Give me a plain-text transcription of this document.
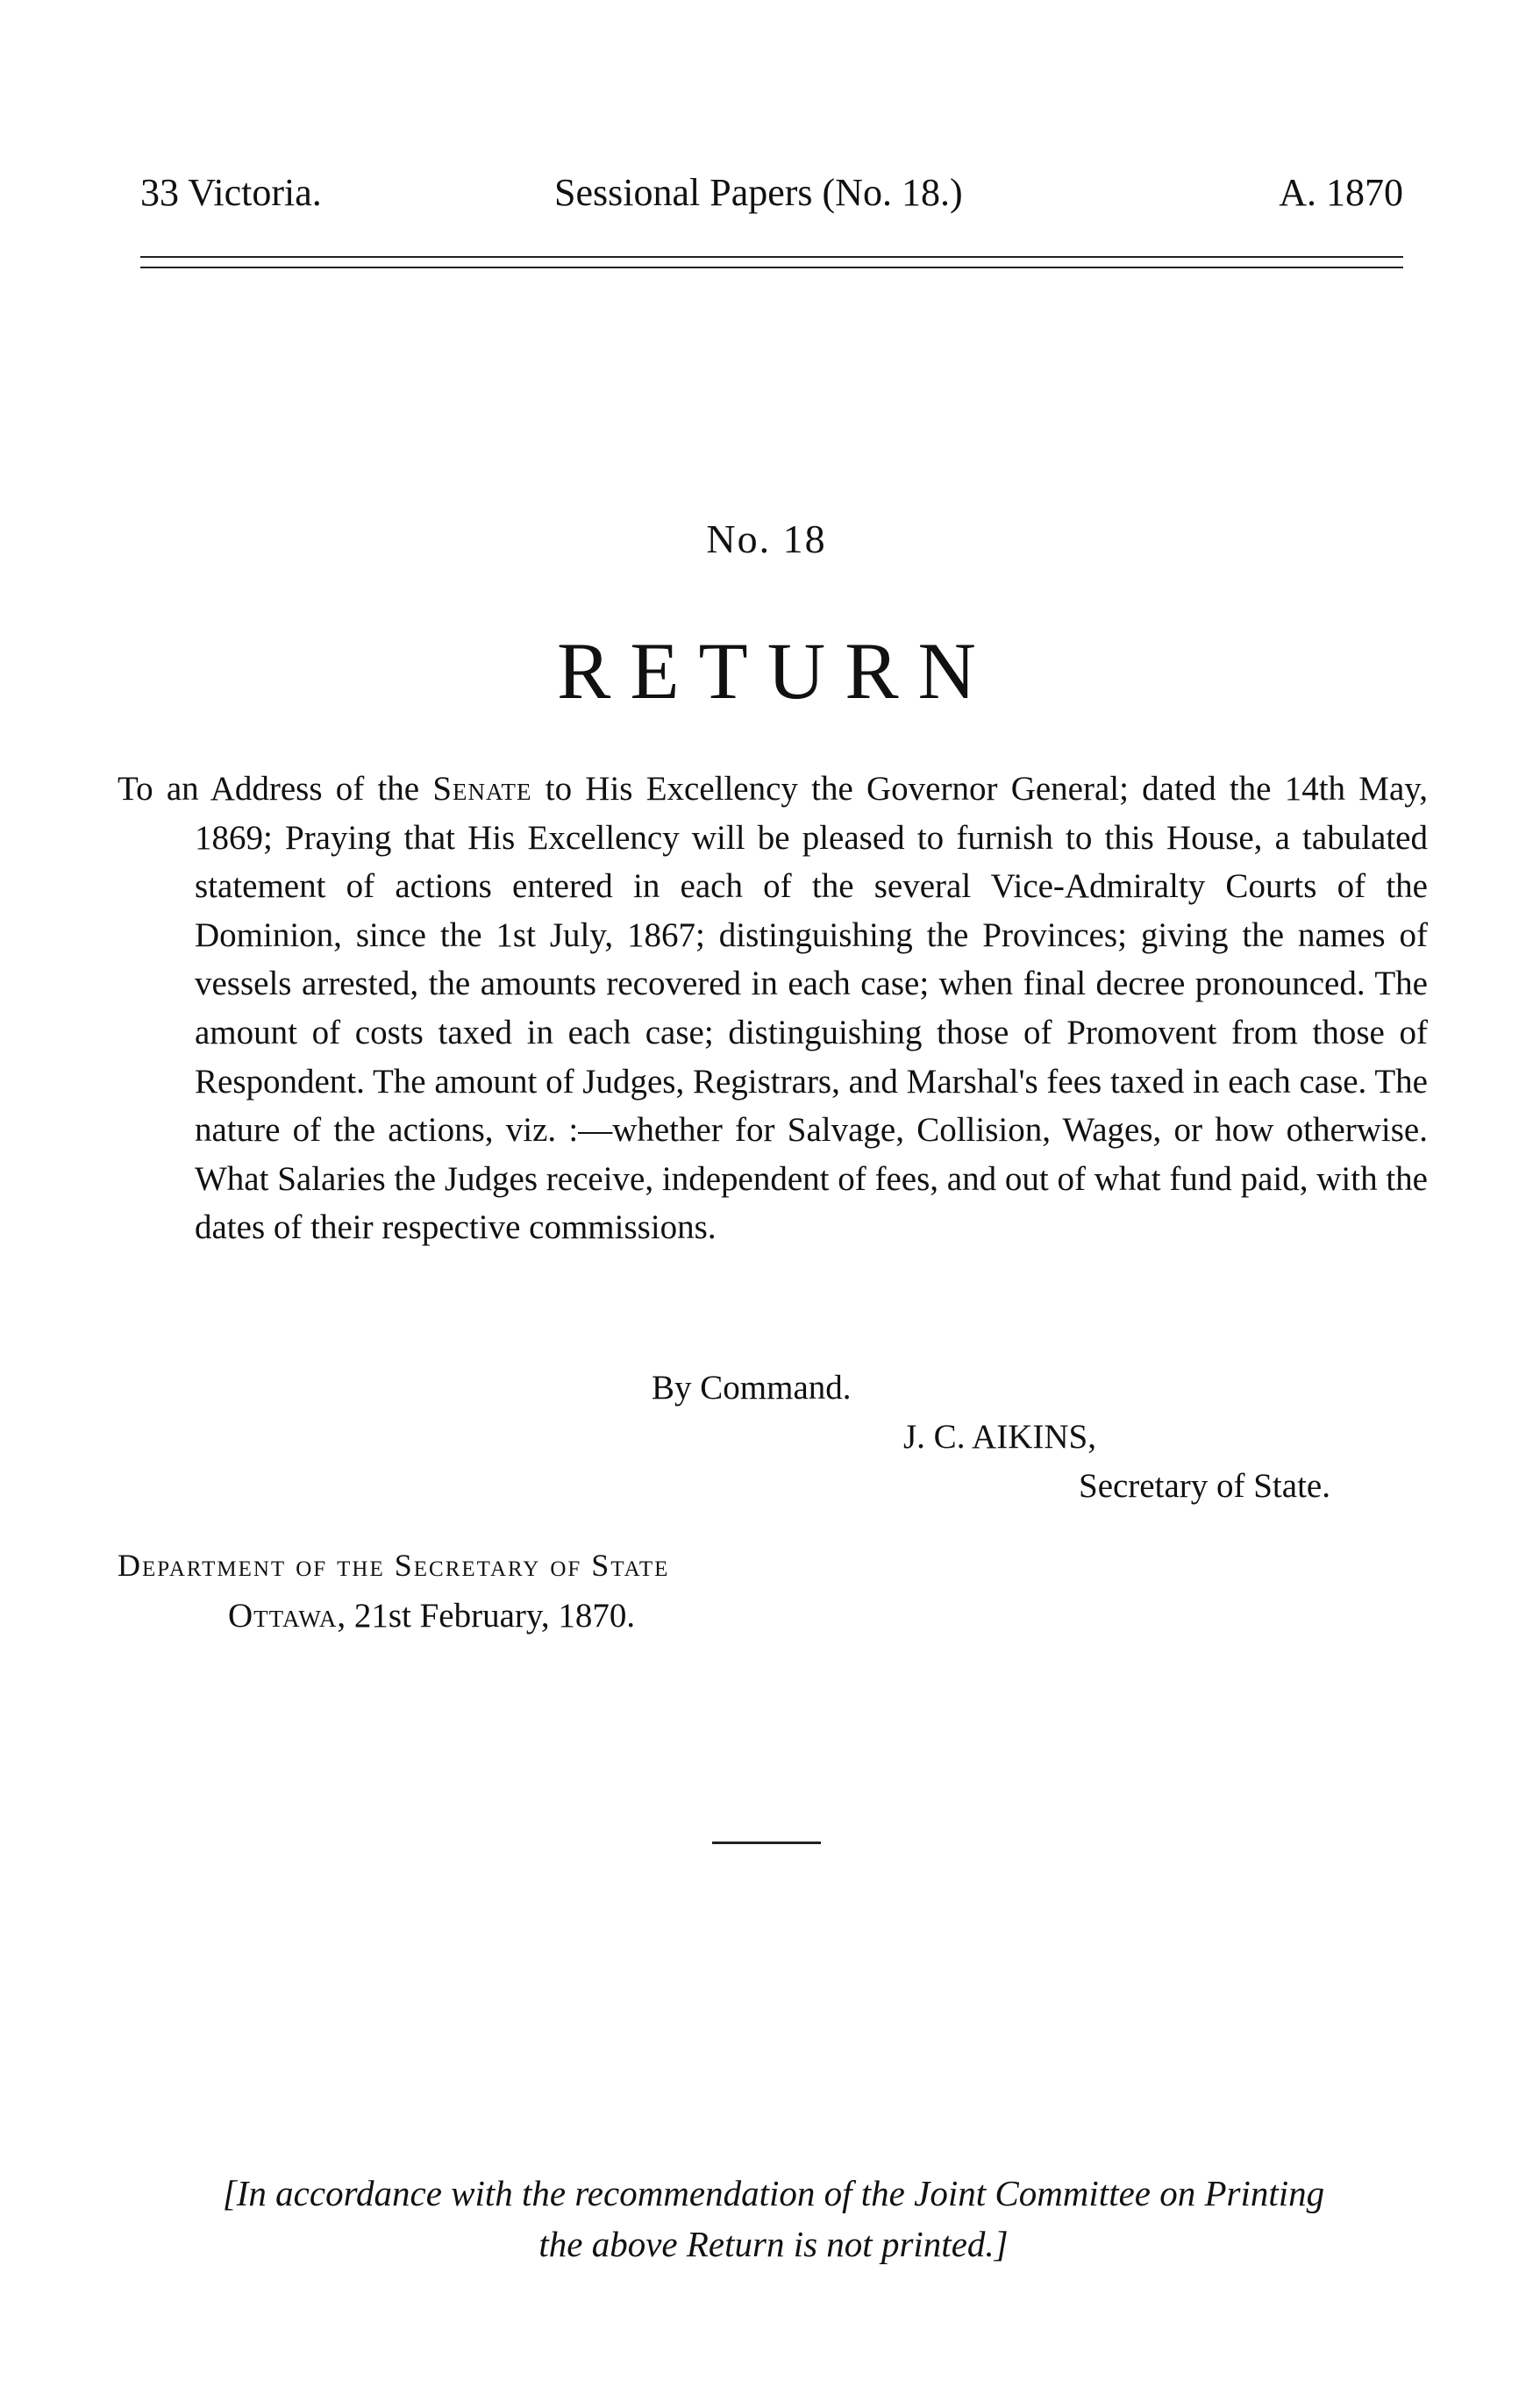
33 Victoria.	Sessional Papers (No. 18.)	A. 1870
No. 18
RETURN

To an Address of the Senate to His Excellency the Governor General; dated the 14th May, 1869; Praying that His Excellency will be pleased to furnish to this House, a tabulated statement of actions entered in each of the several Vice-Admiralty Courts of the Dominion, since the 1st July, 1867; distinguishing the Provinces; giving the names of vessels arrested, the amounts recovered in each case; when final decree pronounced. The amount of costs taxed in each case; distinguishing those of Promovent from those of Respondent. The amount of Judges, Registrars, and Marshal's fees taxed in each case. The nature of the actions, viz. :—whether for Salvage, Collision, Wages, or how otherwise. What Salaries the Judges receive, independent of fees, and out of what fund paid, with the dates of their respective commissions.

By Command.
J. C. AIKINS,
Secretary of State.
Department of the Secretary of State
Ottawa, 21st February, 1870.
[In accordance with the recommendation of the Joint Committee on Printing
the above Return is not printed.]
